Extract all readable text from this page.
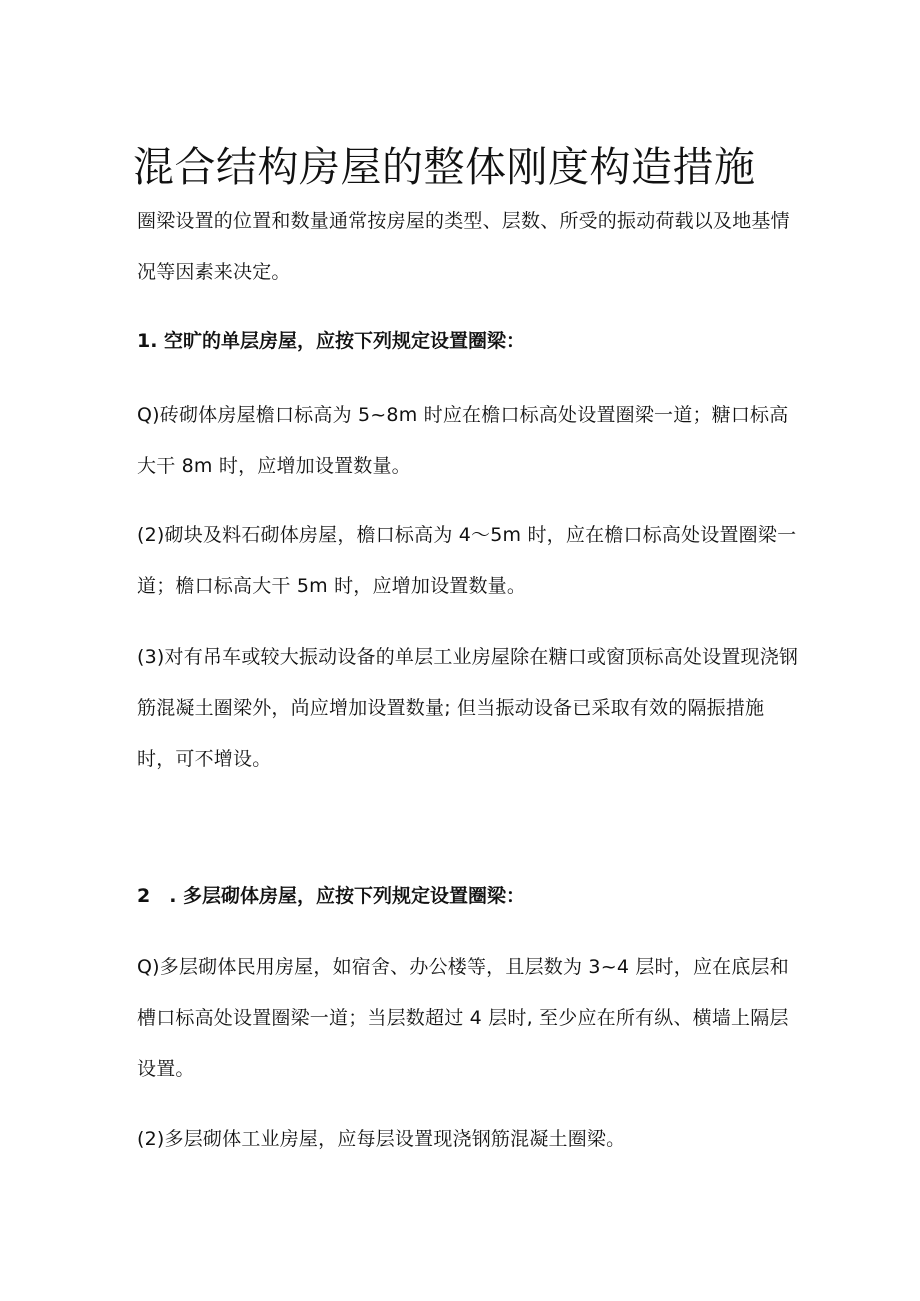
混合结构房屋的整体刚度构造措施

圈梁设置的位置和数量通常按房屋的类型、层数、所受的振动荷载以及地基情况等因素来决定。

1. 空旷的单层房屋，应按下列规定设置圈梁：

Q)砖砌体房屋檐口标高为 5~8m 时应在檐口标高处设置圈梁一道；糖口标高大干 8m 时，应增加设置数量。

(2)砌块及料石砌体房屋，檐口标高为 4～5m 时，应在檐口标高处设置圈梁一道；檐口标高大干 5m 时，应增加设置数量。

(3)对有吊车或较大振动设备的单层工业房屋除在糖口或窗顶标高处设置现浇钢筋混凝土圈梁外，尚应增加设置数量; 但当振动设备已采取有效的隔振措施时，可不增设。

2　. 多层砌体房屋，应按下列规定设置圈梁：

Q)多层砌体民用房屋，如宿舍、办公楼等，且层数为 3~4 层时，应在底层和槽口标高处设置圈梁一道；当层数超过 4 层时, 至少应在所有纵、横墙上隔层设置。

(2)多层砌体工业房屋，应每层设置现浇钢筋混凝土圈梁。
